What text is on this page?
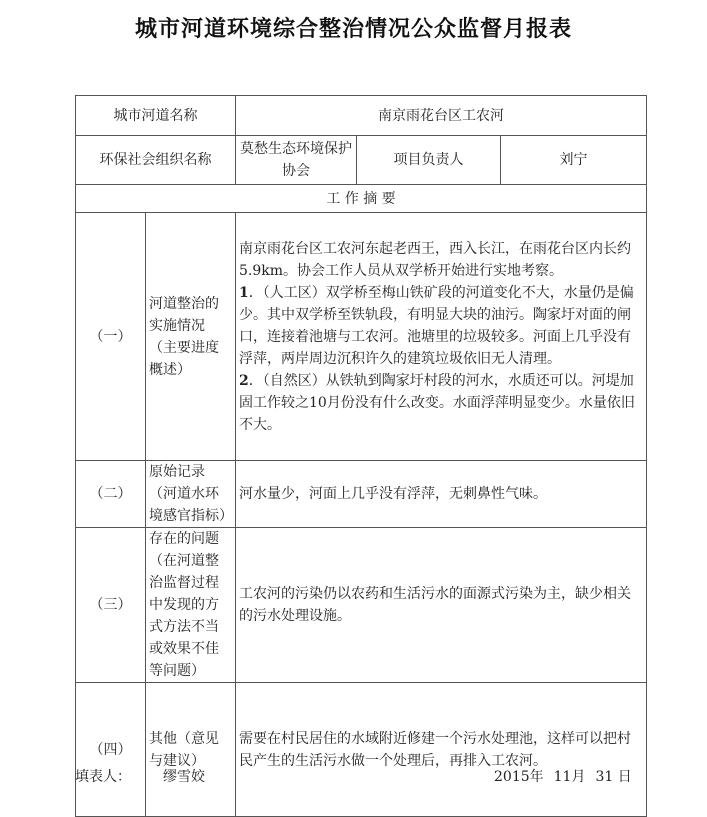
城市河道环境综合整治情况公众监督月报表
城市河道名称		南京雨花台区工农河		
环保社会组织名称		莫愁生态环境保护协会	项目负责人	刘宁
工 作 摘 要				
（一）	河道整治的实施情况（主要进度概述）	南京雨花台区工农河东起老西王，西入长江，在雨花台区内长约5.9km。协会工作人员从双学桥开始进行实地考察。
1．（人工区）双学桥至梅山铁矿段的河道变化不大，水量仍是偏少。其中双学桥至铁轨段，有明显大块的油污。陶家圩对面的闸口，连接着池塘与工农河。池塘里的垃圾较多。河面上几乎没有浮萍，两岸周边沉积许久的建筑垃圾依旧无人清理。
2．（自然区）从铁轨到陶家圩村段的河水，水质还可以。河堤加固工作较之10月份没有什么改变。水面浮萍明显变少。水量依旧不大。		

（二）	原始记录（河道水环境感官指标）	河水量少，河面上几乎没有浮萍，无刺鼻性气味。		
（三）	存在的问题（在河道整治监督过程中发现的方式方法不当或效果不佳等问题）	工农河的污染仍以农药和生活污水的面源式污染为主，缺少相关的污水处理设施。		
（四）	其他（意见与建议）	需要在村民居住的水域附近修建一个污水处理池，这样可以把村民产生的生活污水做一个处理后，再排入工农河。		
填表人： 缪雪姣	2015年 11月 31 日
